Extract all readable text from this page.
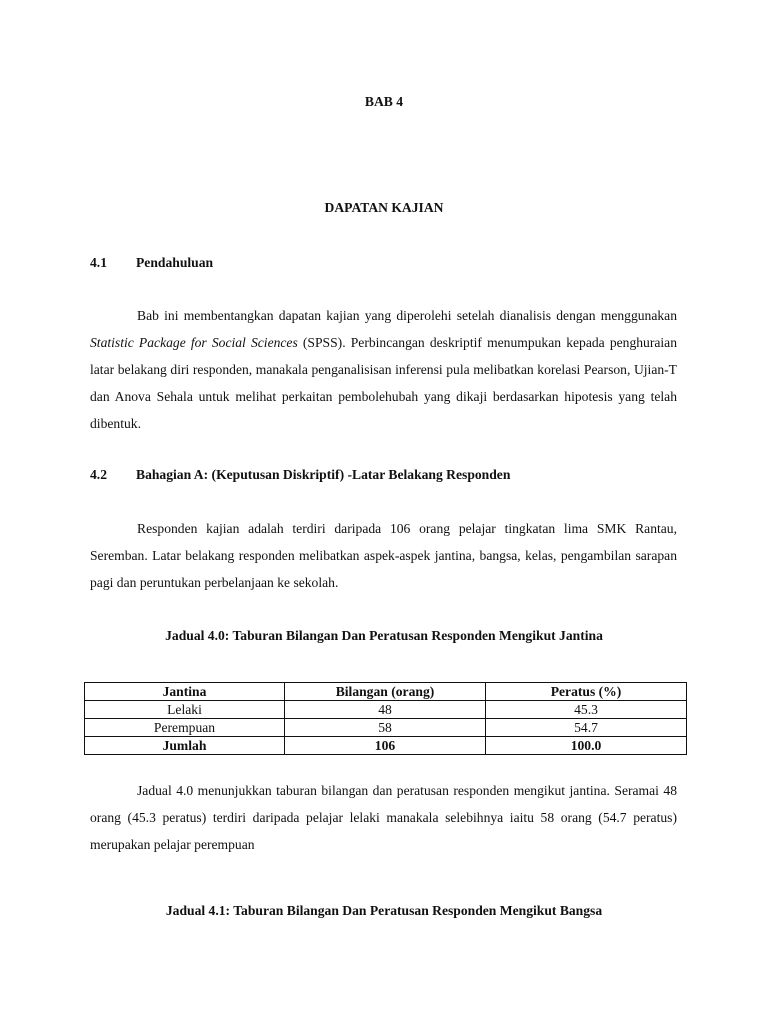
BAB 4

DAPATAN KAJIAN

4.1 Pendahuluan

Bab ini membentangkan dapatan kajian yang diperolehi setelah dianalisis dengan menggunakan Statistic Package for Social Sciences (SPSS). Perbincangan deskriptif menumpukan kepada penghuraian latar belakang diri responden, manakala penganalisisan inferensi pula melibatkan korelasi Pearson, Ujian-T dan Anova Sehala untuk melihat perkaitan pembolehubah yang dikaji berdasarkan hipotesis yang telah dibentuk.

4.2 Bahagian A: (Keputusan Diskriptif) -Latar Belakang Responden

Responden kajian adalah terdiri daripada 106 orang pelajar tingkatan lima SMK Rantau, Seremban. Latar belakang responden melibatkan aspek-aspek jantina, bangsa, kelas, pengambilan sarapan pagi dan peruntukan perbelanjaan ke sekolah.

Jadual 4.0: Taburan Bilangan Dan Peratusan Responden Mengikut Jantina

Jantina	Bilangan (orang)	Peratus (%)
Lelaki	48	45.3
Perempuan	58	54.7
Jumlah	106	100.0

Jadual 4.0 menunjukkan taburan bilangan dan peratusan responden mengikut jantina. Seramai 48 orang (45.3 peratus) terdiri daripada pelajar lelaki manakala selebihnya iaitu 58 orang (54.7 peratus) merupakan pelajar perempuan

Jadual 4.1: Taburan Bilangan Dan Peratusan Responden Mengikut Bangsa
